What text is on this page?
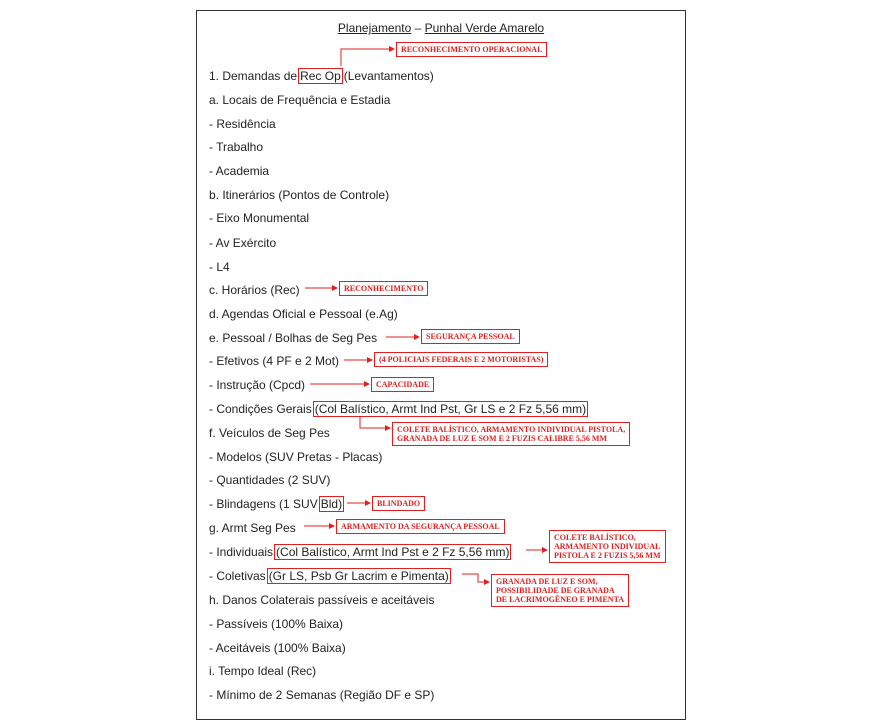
Planejamento – Punhal Verde Amarelo
1. Demandas de Rec Op (Levantamentos)
a. Locais de Frequência e Estadia
- Residência
- Trabalho
- Academia
b. Itinerários (Pontos de Controle)
- Eixo Monumental
- Av Exército
- L4
c. Horários (Rec)
d. Agendas Oficial e Pessoal (e.Ag)
e. Pessoal / Bolhas de Seg Pes
- Efetivos (4 PF e 2 Mot)
- Instrução (Cpcd)
- Condições Gerais (Col Balístico, Armt Ind Pst, Gr LS e 2 Fz 5,56 mm)
f. Veículos de Seg Pes
- Modelos (SUV Pretas - Placas)
- Quantidades (2 SUV)
- Blindagens (1 SUV Bld)
g. Armt Seg Pes
- Individuais (Col Balístico, Armt Ind Pst e 2 Fz 5,56 mm)
- Coletivas (Gr LS, Psb Gr Lacrim e Pimenta)
h. Danos Colaterais passíveis e aceitáveis
- Passíveis (100% Baixa)
- Aceitáveis (100% Baixa)
i. Tempo Ideal (Rec)
- Mínimo de 2 Semanas (Região DF e SP)
RECONHECIMENTO OPERACIONAL
RECONHECIMENTO
SEGURANÇA PESSOAL
(4 POLICIAIS FEDERAIS E 2 MOTORISTAS)
CAPACIDADE
COLETE BALÍSTICO, ARMAMENTO INDIVIDUAL PISTOLA,
GRANADA DE LUZ E SOM E 2 FUZIS CALIBRE 5,56 MM
BLINDADO
ARMAMENTO DA SEGURANÇA PESSOAL
COLETE BALÍSTICO,
ARMAMENTO INDIVIDUAL
PISTOLA E 2 FUZIS 5,56 MM
GRANADA DE LUZ E SOM,
POSSIBILIDADE DE GRANADA
DE LACRIMOGÊNEO E PIMENTA
